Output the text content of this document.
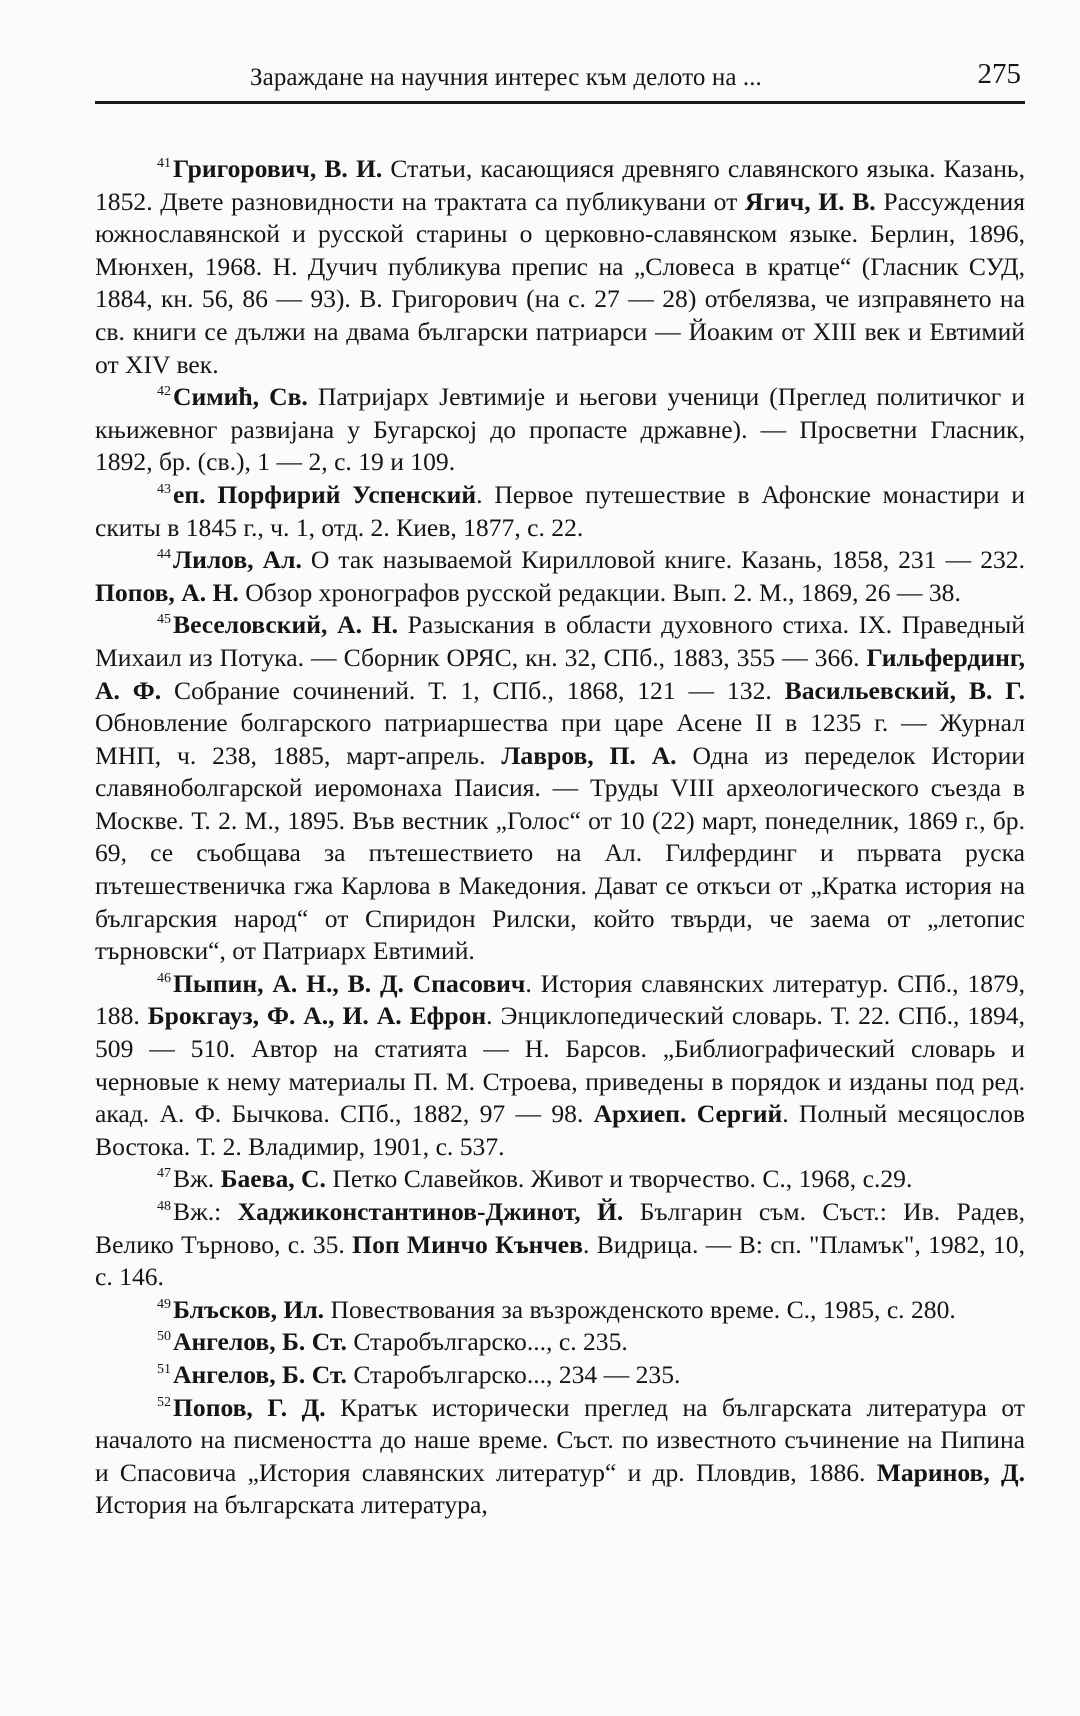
Зараждане на научния интерес към делото на ...	275

$^{41}$Григорович, В. И. Статьи, касающияся древняго славянского языка. Казань, 1852. Двете разновидности на трактата са публикувани от Ягич, И. В. Рассуждения южнославянской и русской старины о церковно-славянском языке. Берлин, 1896, Мюнхен, 1968. Н. Дучич публикува препис на „Словеса в кратце“ (Гласник СУД, 1884, кн. 56, 86 — 93). В. Григорович (на с. 27 — 28) отбелязва, че изправянето на св. книги се дължи на двама български патриарси — Йоаким от XIII век и Евтимий от XIV век.

$^{42}$Симић, Св. Патријарх Јевтимије и његови ученици (Преглед политичког и књижевног развијана у Бугарској до пропасте државне). — Просветни Гласник, 1892, бр. (св.), 1 — 2, с. 19 и 109.

$^{43}$еп. Порфирий Успенский. Первое путешествие в Афонские монастири и скиты в 1845 г., ч. 1, отд. 2. Киев, 1877, с. 22.

$^{44}$Лилов, Ал. О так называемой Кирилловой книге. Казань, 1858, 231 — 232. Попов, А. Н. Обзор хронографов русской редакции. Вып. 2. М., 1869, 26 — 38.

$^{45}$Веселовский, А. Н. Разыскания в области духовного стиха. IX. Праведный Михаил из Потука. — Сборник ОРЯС, кн. 32, СПб., 1883, 355 — 366. Гильфердинг, А. Ф. Собрание сочинений. Т. 1, СПб., 1868, 121 — 132. Васильевский, В. Г. Обновление болгарского патриаршества при царе Асене II в 1235 г. — Журнал МНП, ч. 238, 1885, март-апрель. Лавров, П. А. Одна из переделок Истории славяноболгарской иеромонаха Паисия. — Труды VIII археологического съезда в Москве. Т. 2. М., 1895. Във вестник „Голос“ от 10 (22) март, понеделник, 1869 г., бр. 69, се съобщава за пътешествието на Ал. Гилфердинг и първата руска пътешественичка гжа Карлова в Македония. Дават се откъси от „Кратка история на българския народ“ от Спиридон Рилски, който твърди, че заема от „летопис търновски“, от Патриарх Евтимий.

$^{46}$Пыпин, А. Н., В. Д. Спасович. История славянских литератур. СПб., 1879, 188. Брокгауз, Ф. А., И. А. Ефрон. Энциклопедический словарь. Т. 22. СПб., 1894, 509 — 510. Автор на статията — Н. Барсов. „Библиографический словарь и черновые к нему материалы П. М. Строева, приведены в порядок и изданы под ред. акад. А. Ф. Бычкова. СПб., 1882, 97 — 98. Архиеп. Сергий. Полный месяцослов Востока. Т. 2. Владимир, 1901, с. 537.

$^{47}$Вж. Баева, С. Петко Славейков. Живот и творчество. С., 1968, с.29.

$^{48}$Вж.: Хаджиконстантинов-Джинот, Й. Българин съм. Съст.: Ив. Радев, Велико Търново, с. 35. Поп Минчо Кънчев. Видрица. — В: сп. "Пламък", 1982, 10, с. 146.

$^{49}$Блъсков, Ил. Повествования за възрожденското време. С., 1985, с. 280.

$^{50}$Ангелов, Б. Ст. Старобългарско..., с. 235.

$^{51}$Ангелов, Б. Ст. Старобългарско..., 234 — 235.

$^{52}$Попов, Г. Д. Кратък исторически преглед на българската литература от началото на писмеността до наше време. Съст. по известното съчинение на Пипина и Спасовича „История славянских литератур“ и др. Пловдив, 1886. Маринов, Д. История на българската литература,
